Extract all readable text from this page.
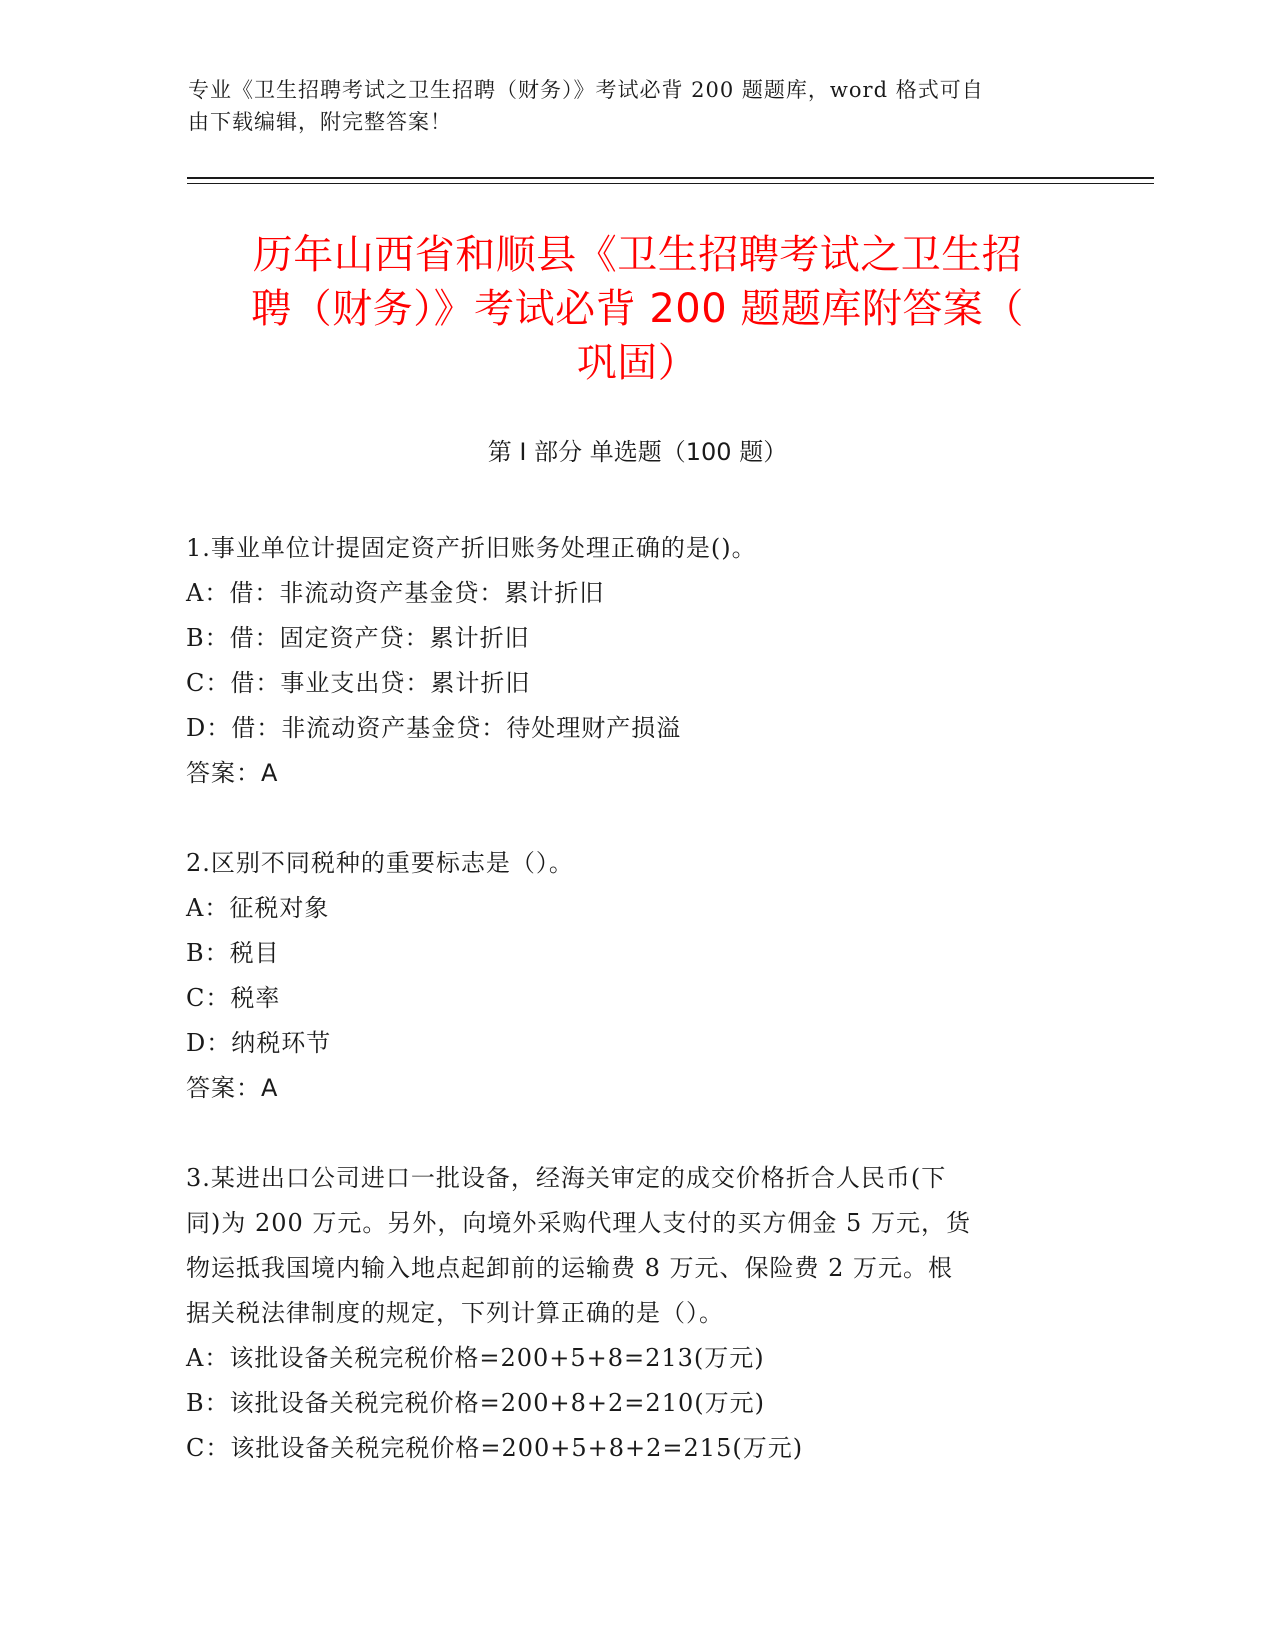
专业《卫生招聘考试之卫生招聘（财务）》考试必背 200 题题库，word 格式可自
由下载编辑，附完整答案！
历年山西省和顺县《卫生招聘考试之卫生招
聘（财务）》考试必背 200 题题库附答案（
巩固）
第 I 部分 单选题（100 题）
1.事业单位计提固定资产折旧账务处理正确的是()。
A：借：非流动资产基金贷：累计折旧
B：借：固定资产贷：累计折旧
C：借：事业支出贷：累计折旧
D：借：非流动资产基金贷：待处理财产损溢
答案：A
2.区别不同税种的重要标志是（）。
A：征税对象
B：税目
C：税率
D：纳税环节
答案：A
3.某进出口公司进口一批设备，经海关审定的成交价格折合人民币(下
同)为 200 万元。另外，向境外采购代理人支付的买方佣金 5 万元，货
物运抵我国境内输入地点起卸前的运输费 8 万元、保险费 2 万元。根
据关税法律制度的规定，下列计算正确的是（）。
A：该批设备关税完税价格=200+5+8=213(万元)
B：该批设备关税完税价格=200+8+2=210(万元)
C：该批设备关税完税价格=200+5+8+2=215(万元)
